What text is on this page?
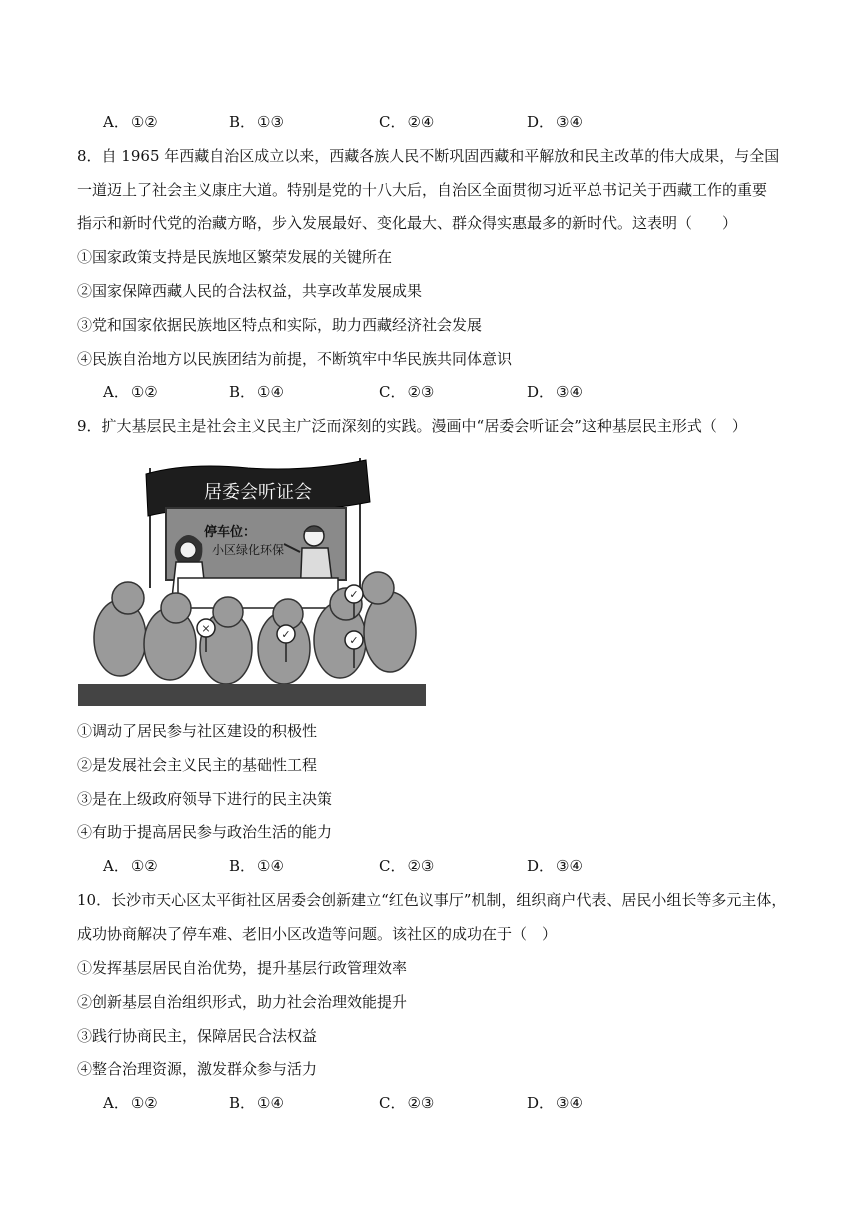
A． ①②	B． ①③	C． ②④	D． ③④
8．自 1965 年西藏自治区成立以来，西藏各族人民不断巩固西藏和平解放和民主改革的伟大成果，与全国
一道迈上了社会主义康庄大道。特别是党的十八大后，自治区全面贯彻习近平总书记关于西藏工作的重要
指示和新时代党的治藏方略，步入发展最好、变化最大、群众得实惠最多的新时代。这表明（　　）
①国家政策支持是民族地区繁荣发展的关键所在
②国家保障西藏人民的合法权益，共享改革发展成果
③党和国家依据民族地区特点和实际，助力西藏经济社会发展
④民族自治地方以民族团结为前提，不断筑牢中华民族共同体意识
A． ①②	B． ①④	C． ②③	D． ③④
9．扩大基层民主是社会主义民主广泛而深刻的实践。漫画中“居委会听证会”这种基层民主形式（　）
居委会听证会
停车位：
小区绿化环保
×	✓	✓
✓
①调动了居民参与社区建设的积极性
②是发展社会主义民主的基础性工程
③是在上级政府领导下进行的民主决策
④有助于提高居民参与政治生活的能力
A． ①②	B． ①④	C． ②③	D． ③④
10．长沙市天心区太平街社区居委会创新建立“红色议事厅”机制，组织商户代表、居民小组长等多元主体，
成功协商解决了停车难、老旧小区改造等问题。该社区的成功在于（　）
①发挥基层居民自治优势，提升基层行政管理效率
②创新基层自治组织形式，助力社会治理效能提升
③践行协商民主，保障居民合法权益
④整合治理资源，激发群众参与活力
A． ①②	B． ①④	C． ②③	D． ③④
